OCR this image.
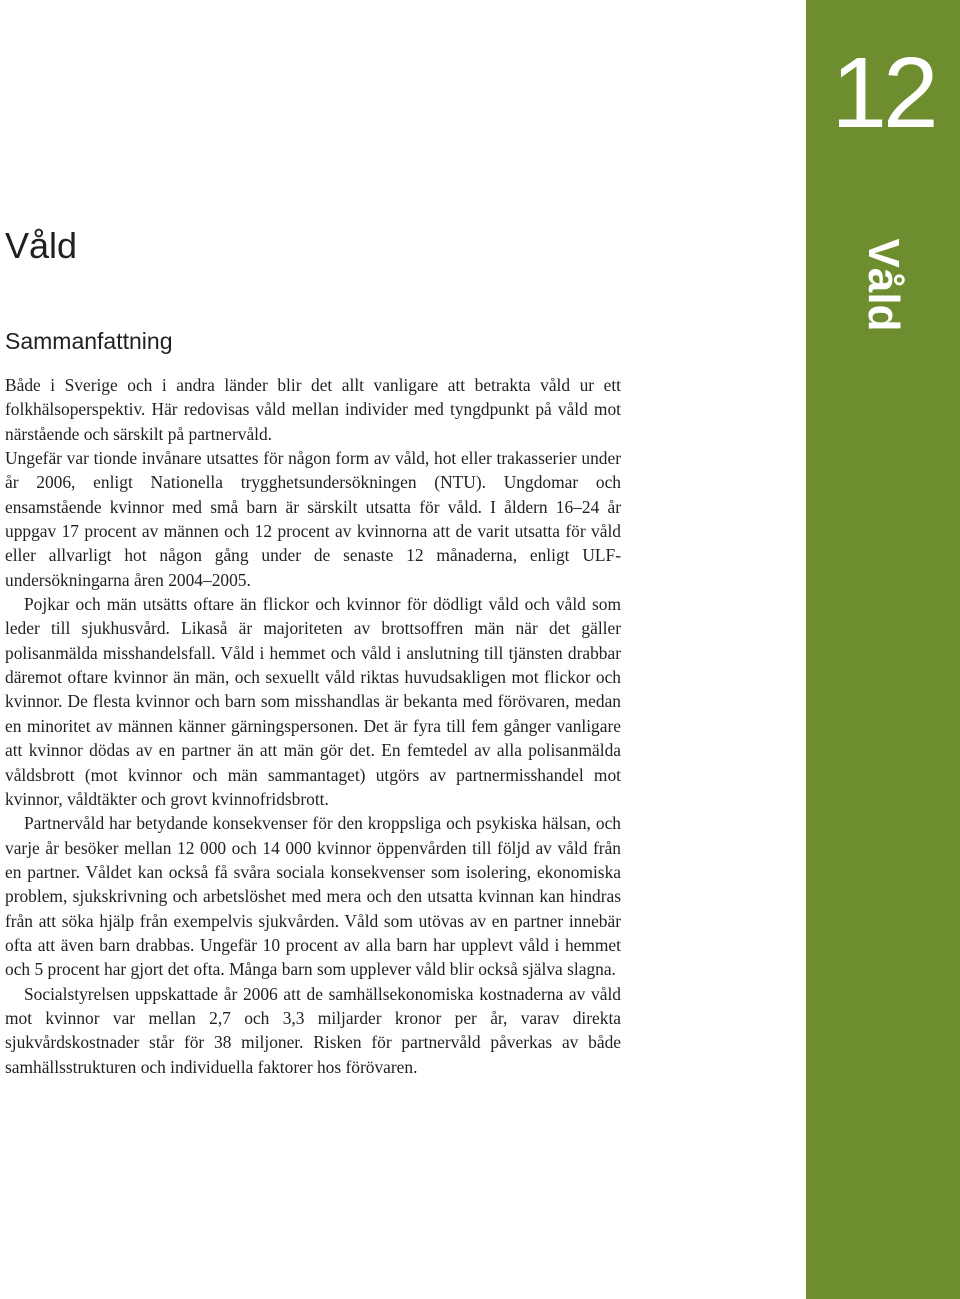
12
Våld
Våld
Sammanfattning

Både i Sverige och i andra länder blir det allt vanligare att betrakta våld ur ett folkhälsoperspektiv. Här redovisas våld mellan individer med tyngdpunkt på våld mot närstående och särskilt på partnervåld.

Ungefär var tionde invånare utsattes för någon form av våld, hot eller trakasserier under år 2006, enligt Nationella trygghetsundersökningen (NTU). Ungdomar och ensamstående kvinnor med små barn är särskilt utsatta för våld. I åldern 16–24 år uppgav 17 procent av männen och 12 procent av kvinnorna att de varit utsatta för våld eller allvarligt hot någon gång under de senaste 12 månaderna, enligt ULF-undersökningarna åren 2004–2005.

Pojkar och män utsätts oftare än flickor och kvinnor för dödligt våld och våld som leder till sjukhusvård. Likaså är majoriteten av brottsoffren män när det gäller polisanmälda misshandelsfall. Våld i hemmet och våld i anslutning till tjänsten drabbar däremot oftare kvinnor än män, och sexuellt våld riktas huvudsakligen mot flickor och kvinnor. De flesta kvinnor och barn som misshandlas är bekanta med förövaren, medan en minoritet av männen känner gärningspersonen. Det är fyra till fem gånger vanligare att kvinnor dödas av en partner än att män gör det. En femtedel av alla polisanmälda våldsbrott (mot kvinnor och män sammantaget) utgörs av partnermisshandel mot kvinnor, våldtäkter och grovt kvinnofridsbrott.

Partnervåld har betydande konsekvenser för den kroppsliga och psykiska hälsan, och varje år besöker mellan 12 000 och 14 000 kvinnor öppenvården till följd av våld från en partner. Våldet kan också få svåra sociala konsekvenser som isolering, ekonomiska problem, sjukskrivning och arbetslöshet med mera och den utsatta kvinnan kan hindras från att söka hjälp från exempelvis sjukvården. Våld som utövas av en partner innebär ofta att även barn drabbas. Ungefär 10 procent av alla barn har upplevt våld i hemmet och 5 procent har gjort det ofta. Många barn som upplever våld blir också själva slagna.

Socialstyrelsen uppskattade år 2006 att de samhällsekonomiska kostnaderna av våld mot kvinnor var mellan 2,7 och 3,3 miljarder kronor per år, varav direkta sjukvårdskostnader står för 38 miljoner. Risken för partnervåld påverkas av både samhällsstrukturen och individuella faktorer hos förövaren.
